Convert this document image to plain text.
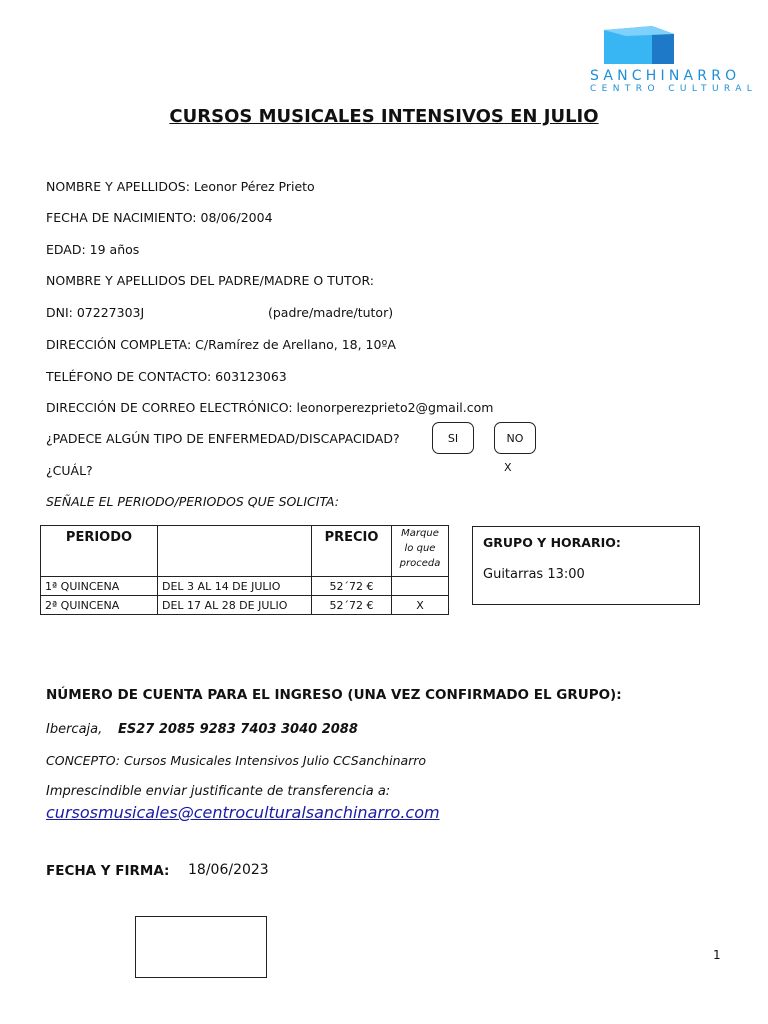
SANCHINARRO
CENTRO CULTURAL
CURSOS MUSICALES INTENSIVOS EN JULIO
NOMBRE Y APELLIDOS: Leonor Pérez Prieto
FECHA DE NACIMIENTO: 08/06/2004
EDAD: 19 años
NOMBRE Y APELLIDOS DEL PADRE/MADRE O TUTOR:
DNI: 07227303J	(padre/madre/tutor)
DIRECCIÓN COMPLETA: C/Ramírez de Arellano, 18, 10ºA
TELÉFONO DE CONTACTO: 603123063
DIRECCIÓN DE CORREO ELECTRÓNICO: leonorperezprieto2@gmail.com
¿PADECE ALGÚN TIPO DE ENFERMEDAD/DISCAPACIDAD?	SI	NO
¿CUÁL?	X
SEÑALE EL PERIODO/PERIODOS QUE SOLICITA:
PERIODO		PRECIO	Marque lo que proceda
1ª QUINCENA	DEL 3 AL 14 DE JULIO	52´72 €	
2ª QUINCENA	DEL 17 AL 28 DE JULIO	52´72 €	X
GRUPO Y HORARIO:
Guitarras 13:00
NÚMERO DE CUENTA PARA EL INGRESO (UNA VEZ CONFIRMADO EL GRUPO):
Ibercaja, ES27 2085 9283 7403 3040 2088
CONCEPTO: Cursos Musicales Intensivos Julio CCSanchinarro
Imprescindible enviar justificante de transferencia a:
cursosmusicales@centroculturalsanchinarro.com
FECHA Y FIRMA: 18/06/2023
1
